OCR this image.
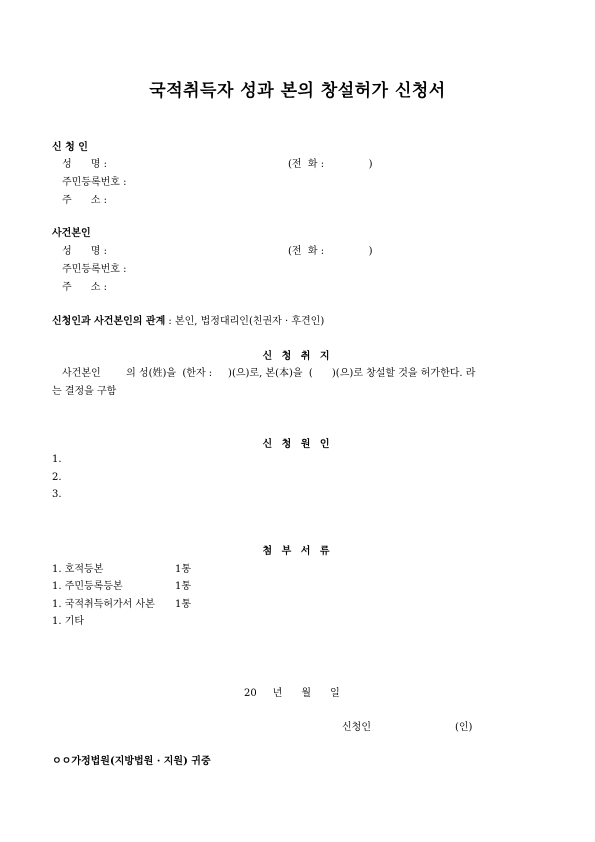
국적취득자 성과 본의 창설허가 신청서
신 청 인
성      명 :	(전  화 :              )
주민등록번호 :
주      소 :
사건본인
성      명 :	(전  화 :              )
주민등록번호 :
주      소 :
신청인과 사건본인의 관계 : 본인, 법정대리인(친권자 · 후견인)
신 청 취 지
사건본인        의 성(姓)을  (한자 :     )(으)로, 본(本)을  (      )(으)로 창설할 것을 허가한다. 라
는 결정을 구함
신 청 원 인
1.
2.
3.
첨 부 서 류
1. 호적등본	1통
1. 주민등록등본	1통
1. 국적취득허가서 사본 1통
1. 기타
20     년      월      일
신청인	(인)
ㅇㅇ가정법원(지방법원 · 지원) 귀중
